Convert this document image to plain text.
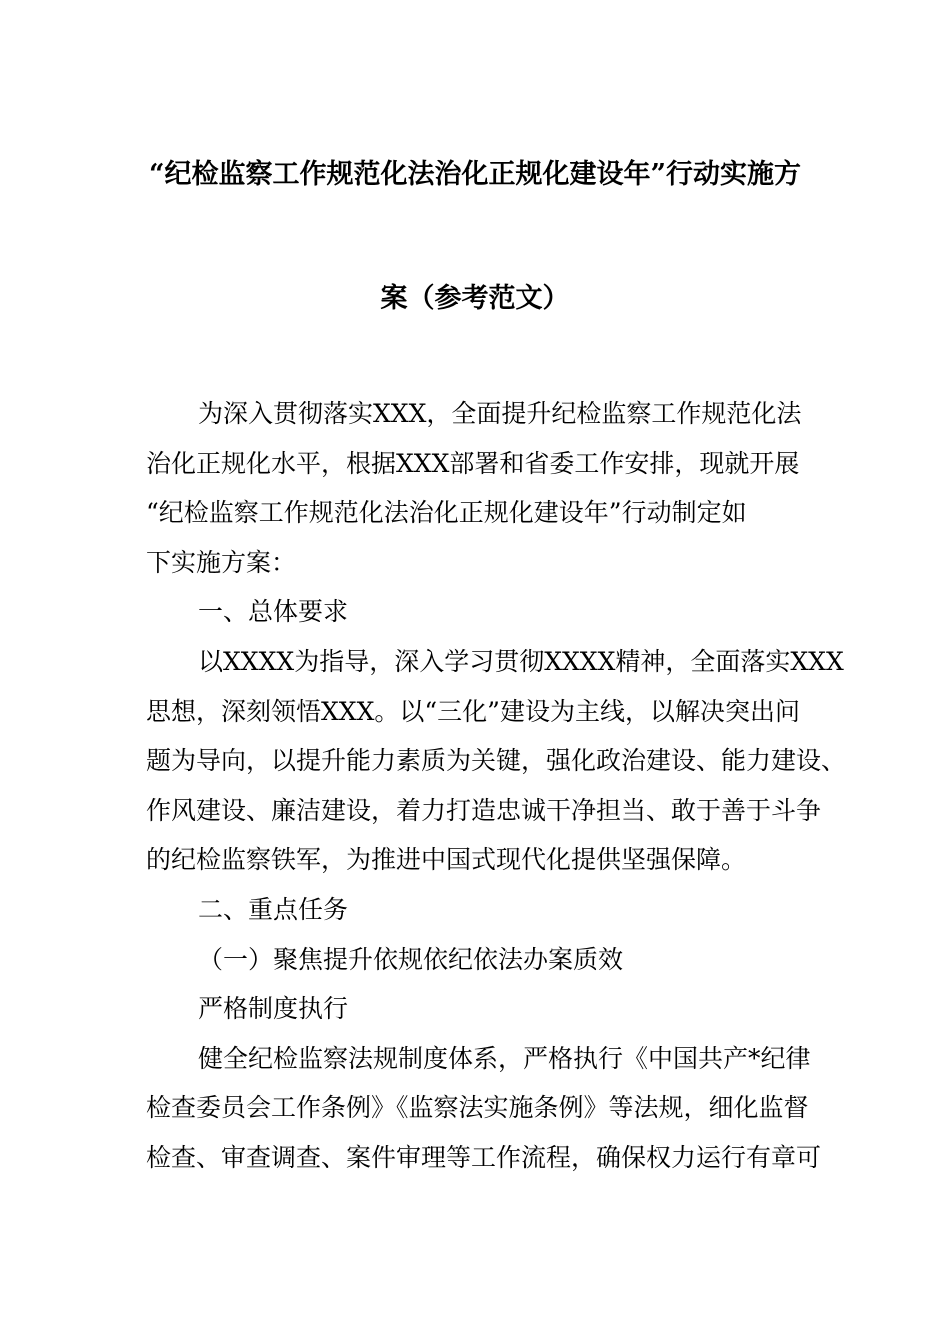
“纪检监察工作规范化法治化正规化建设年”行动实施方
案（参考范文）
为深入贯彻落实XXX，全面提升纪检监察工作规范化法
治化正规化水平，根据XXX部署和省委工作安排，现就开展
“纪检监察工作规范化法治化正规化建设年”行动制定如
下实施方案：
一、总体要求
以XXXX为指导，深入学习贯彻XXXX精神，全面落实XXX
思想，深刻领悟XXX。以“三化”建设为主线，以解决突出问
题为导向，以提升能力素质为关键，强化政治建设、能力建设、
作风建设、廉洁建设，着力打造忠诚干净担当、敢于善于斗争
的纪检监察铁军，为推进中国式现代化提供坚强保障。
二、重点任务
（一）聚焦提升依规依纪依法办案质效
严格制度执行
健全纪检监察法规制度体系，严格执行《中国共产*纪律
检查委员会工作条例》《监察法实施条例》等法规，细化监督
检查、审查调查、案件审理等工作流程，确保权力运行有章可
